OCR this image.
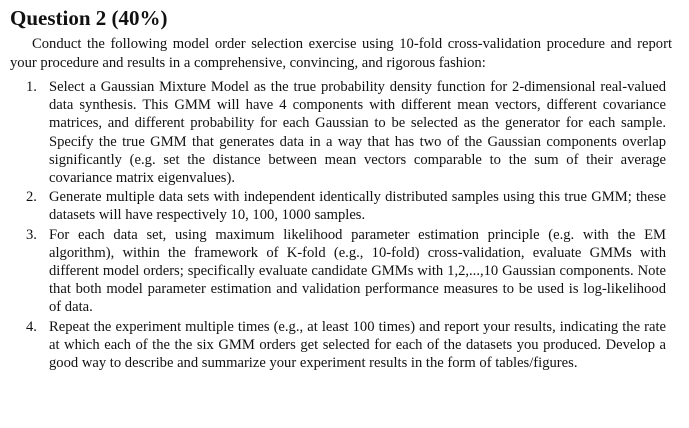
Question 2 (40%)
Conduct the following model order selection exercise using 10-fold cross-validation procedure and report your procedure and results in a comprehensive, convincing, and rigorous fashion:
1. Select a Gaussian Mixture Model as the true probability density function for 2-dimensional real-valued data synthesis. This GMM will have 4 components with different mean vectors, different covariance matrices, and different probability for each Gaussian to be selected as the generator for each sample. Specify the true GMM that generates data in a way that has two of the Gaussian components overlap significantly (e.g. set the distance between mean vectors comparable to the sum of their average covariance matrix eigenvalues).
2. Generate multiple data sets with independent identically distributed samples using this true GMM; these datasets will have respectively 10, 100, 1000 samples.
3. For each data set, using maximum likelihood parameter estimation principle (e.g. with the EM algorithm), within the framework of K-fold (e.g., 10-fold) cross-validation, evaluate GMMs with different model orders; specifically evaluate candidate GMMs with 1,2,...,10 Gaussian components. Note that both model parameter estimation and validation performance measures to be used is log-likelihood of data.
4. Repeat the experiment multiple times (e.g., at least 100 times) and report your results, indicating the rate at which each of the the six GMM orders get selected for each of the datasets you produced. Develop a good way to describe and summarize your experiment results in the form of tables/figures.
